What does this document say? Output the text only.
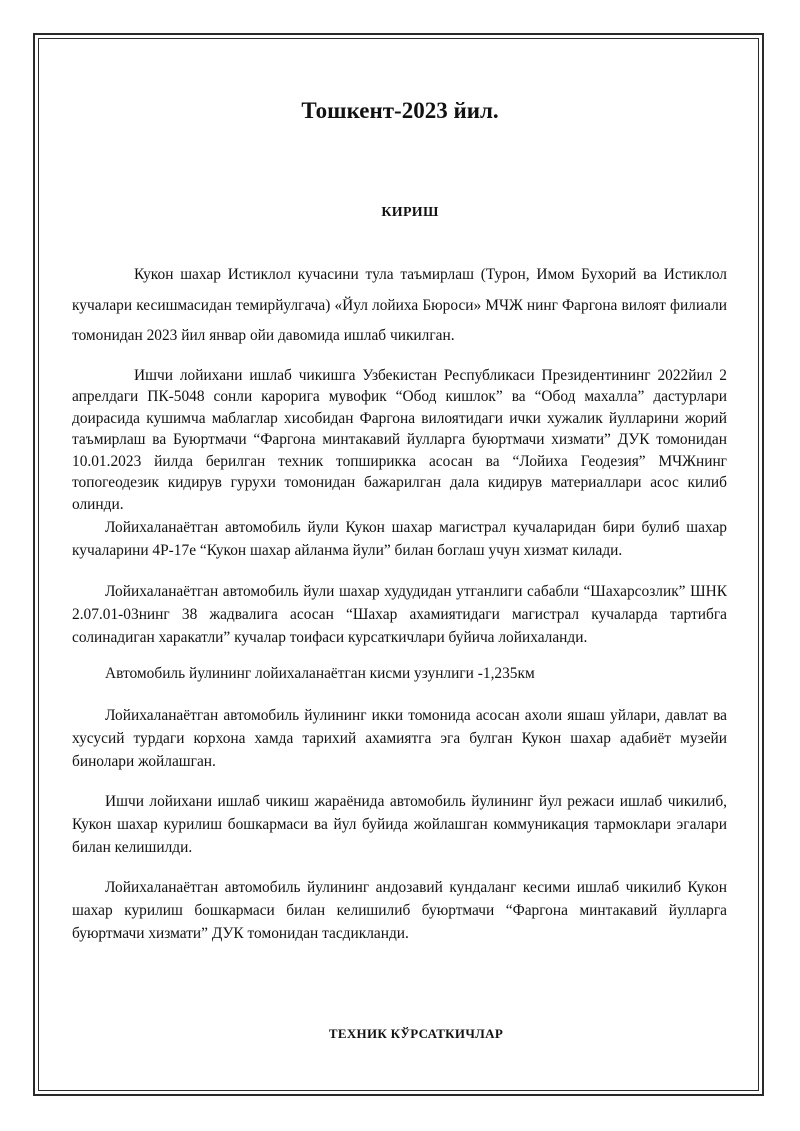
Тошкент-2023 йил.
КИРИШ

Кукон шахар Истиклол кучасини тула таъмирлаш (Турон, Имом Бухорий ва Истиклол кучалари кесишмасидан темирйулгача) «Йул лойиха Бюроси» МЧЖ нинг Фаргона вилоят филиали томонидан 2023 йил январ ойи давомида ишлаб чикилган.

Ишчи лойихани ишлаб чикишга Узбекистан Республикаси Президентининг 2022йил 2 апрелдаги ПК-5048 сонли карорига мувофик “Обод кишлок” ва “Обод махалла” дастурлари доирасида кушимча маблаглар хисобидан Фаргона вилоятидаги ички хужалик йулларини жорий таъмирлаш ва Буюртмачи “Фаргона минтакавий йулларга буюртмачи хизмати” ДУК томонидан 10.01.2023 йилда берилган техник топширикка асосан ва “Лойиха Геодезия” МЧЖнинг топогеодезик кидирув гурухи томонидан бажарилган дала кидирув материаллари асос килиб олинди.

Лойихаланаётган автомобиль йули Кукон шахар магистрал кучаларидан бири булиб шахар кучаларини 4Р-17е “Кукон шахар айланма йули” билан боглаш учун хизмат килади.

Лойихаланаётган автомобиль йули шахар худудидан утганлиги сабабли “Шахарсозлик” ШНК 2.07.01-03нинг 38 жадвалига асосан “Шахар ахамиятидаги магистрал кучаларда тартибга солинадиган харакатли” кучалар тоифаси курсаткичлари буйича лойихаланди.

Автомобиль йулининг лойихаланаётган кисми узунлиги -1,235км

Лойихаланаётган автомобиль йулининг икки томонида асосан ахоли яшаш уйлари, давлат ва хусусий турдаги корхона хамда тарихий ахамиятга эга булган Кукон шахар адабиёт музейи бинолари жойлашган.

Ишчи лойихани ишлаб чикиш жараёнида автомобиль йулининг йул режаси ишлаб чикилиб, Кукон шахар курилиш бошкармаси ва йул буйида жойлашган коммуникация тармоклари эгалари билан келишилди.

Лойихаланаётган автомобиль йулининг андозавий кундаланг кесими ишлаб чикилиб Кукон шахар курилиш бошкармаси билан келишилиб буюртмачи “Фаргона минтакавий йулларга буюртмачи хизмати” ДУК томонидан тасдикланди.

ТЕХНИК КЎРСАТКИЧЛАР
